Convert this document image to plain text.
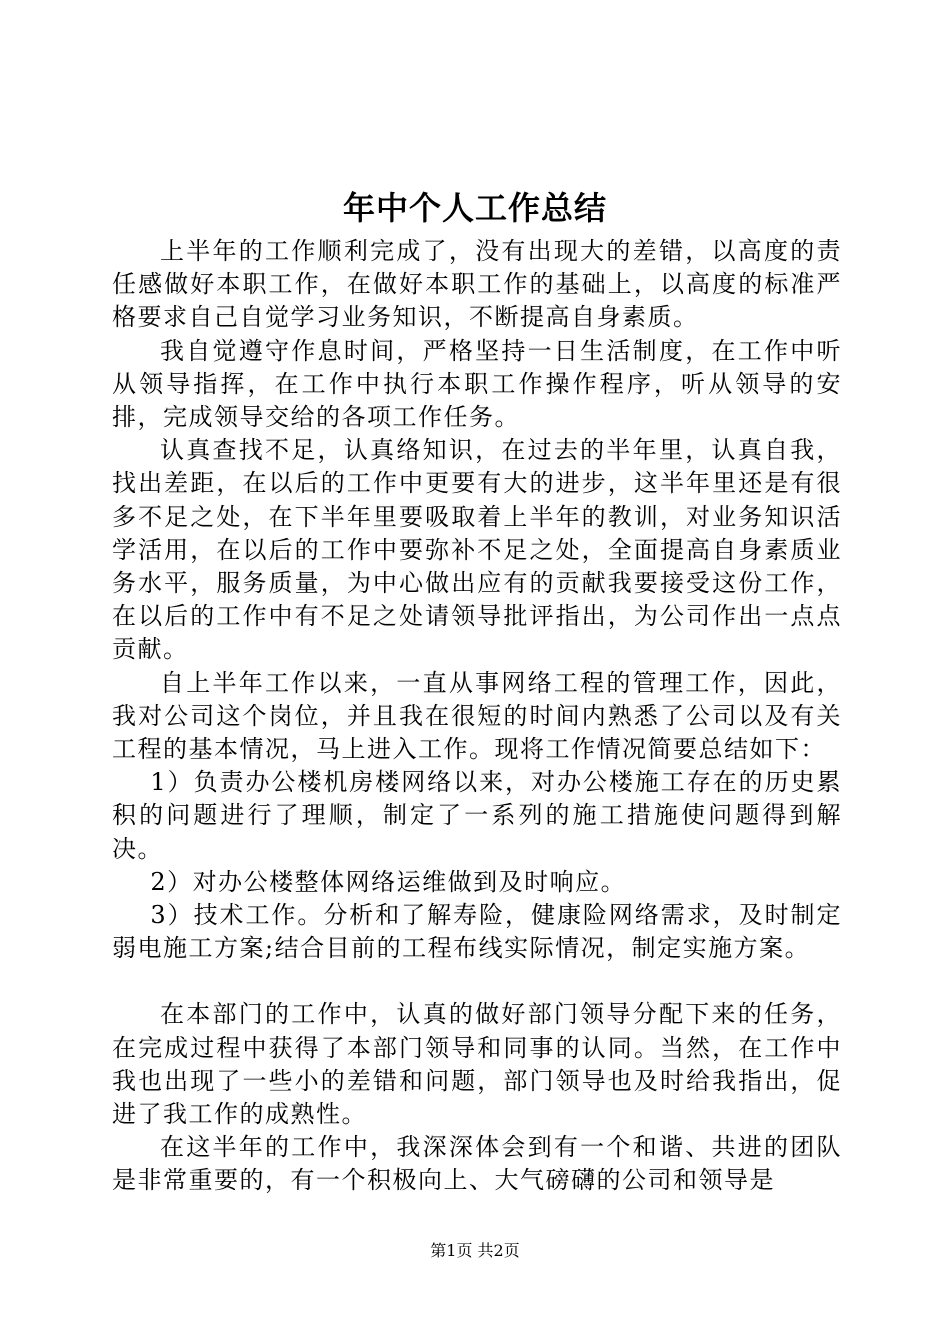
年中个人工作总结

上半年的工作顺利完成了，没有出现大的差错，以高度的责任感做好本职工作，在做好本职工作的基础上，以高度的标准严格要求自己自觉学习业务知识，不断提高自身素质。

我自觉遵守作息时间，严格坚持一日生活制度，在工作中听从领导指挥，在工作中执行本职工作操作程序，听从领导的安排，完成领导交给的各项工作任务。

认真查找不足，认真络知识，在过去的半年里，认真自我，找出差距，在以后的工作中更要有大的进步，这半年里还是有很多不足之处，在下半年里要吸取着上半年的教训，对业务知识活学活用，在以后的工作中要弥补不足之处，全面提高自身素质业务水平，服务质量，为中心做出应有的贡献我要接受这份工作，在以后的工作中有不足之处请领导批评指出，为公司作出一点点贡献。

自上半年工作以来，一直从事网络工程的管理工作，因此，我对公司这个岗位，并且我在很短的时间内熟悉了公司以及有关工程的基本情况，马上进入工作。现将工作情况简要总结如下：

1）负责办公楼机房楼网络以来，对办公楼施工存在的历史累积的问题进行了理顺，制定了一系列的施工措施使问题得到解决。

2）对办公楼整体网络运维做到及时响应。

3）技术工作。分析和了解寿险，健康险网络需求，及时制定弱电施工方案;结合目前的工程布线实际情况，制定实施方案。

在本部门的工作中，认真的做好部门领导分配下来的任务，在完成过程中获得了本部门领导和同事的认同。当然，在工作中我也出现了一些小的差错和问题，部门领导也及时给我指出，促进了我工作的成熟性。

在这半年的工作中，我深深体会到有一个和谐、共进的团队是非常重要的，有一个积极向上、大气磅礴的公司和领导是

第1页 共2页
